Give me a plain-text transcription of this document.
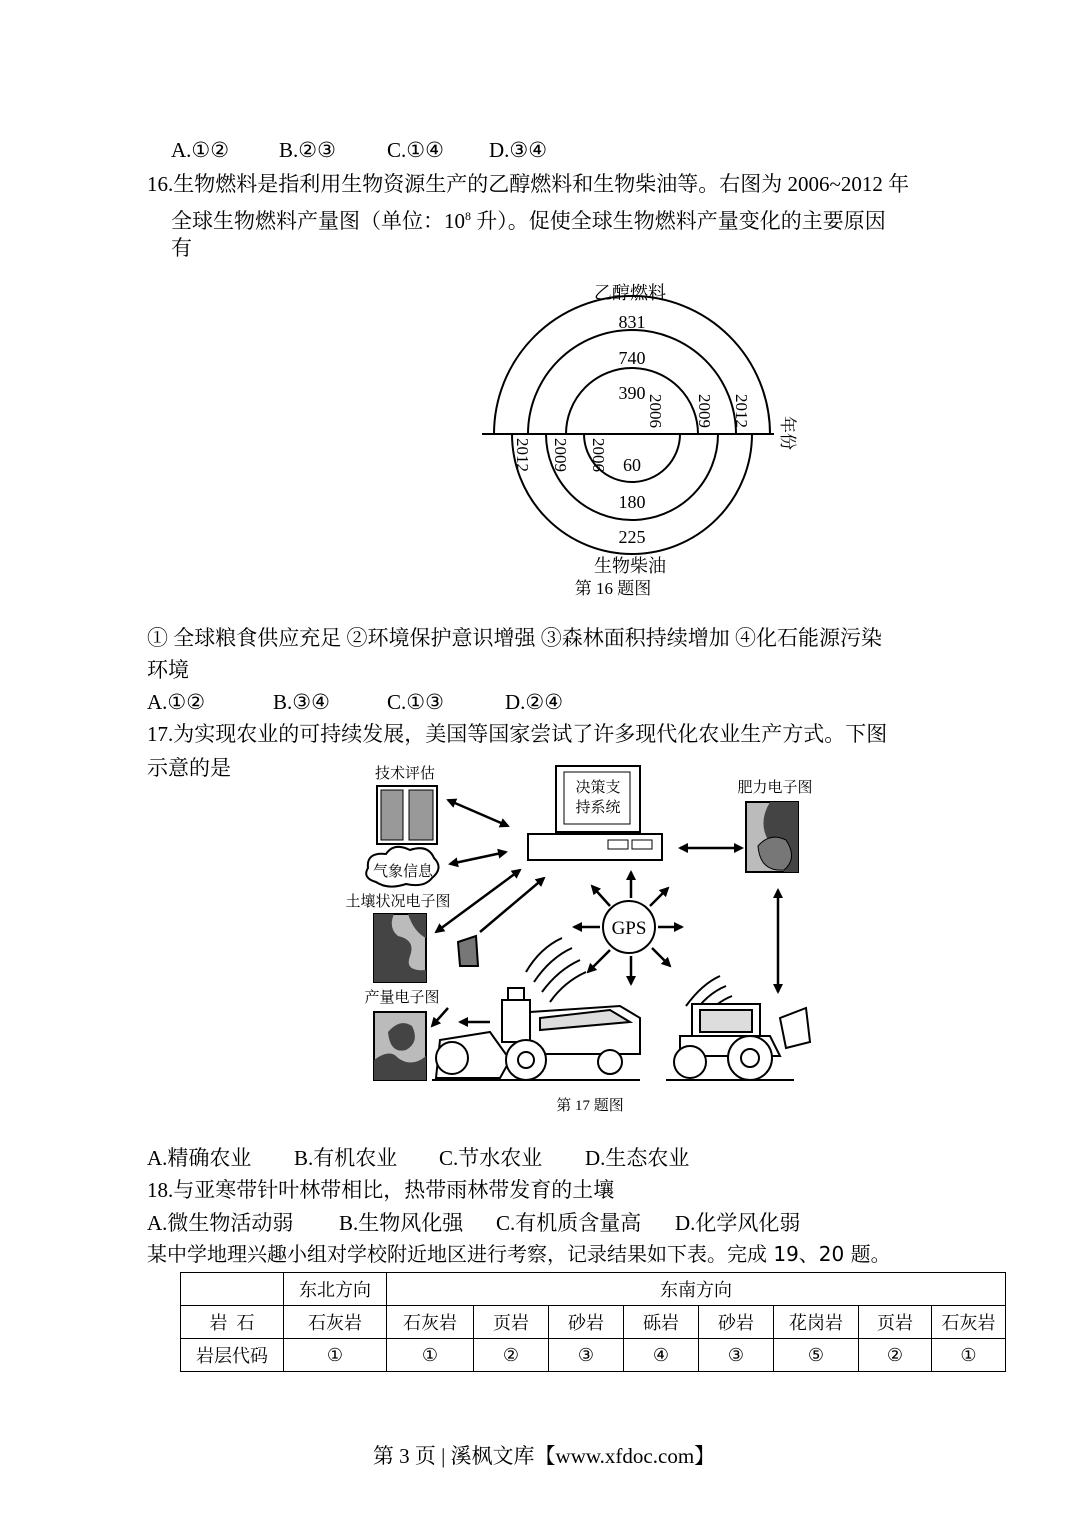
A.①② B.②③ C.①④ D.③④
16.生物燃料是指利用生物资源生产的乙醇燃料和生物柴油等。右图为 2006~2012 年
全球生物燃料产量图（单位：$10^8$ 升）。促使全球生物燃料产量变化的主要原因
有
乙醇燃料
831
740
390
60
180
225
生物柴油
2006 2009 2012
2006
2009
2012
年份
第 16 题图
① 全球粮食供应充足 ②环境保护意识增强 ③森林面积持续增加 ④化石能源污染
环境
A.①②	B.③④	C.①③	D.②④
17.为实现农业的可持续发展，美国等国家尝试了许多现代化农业生产方式。下图
示意的是	技术评估
决策支
持系统
肥力电子图
气象信息
土壤状况电子图
产量电子图
GPS
第 17 题图
A.精确农业 B.有机农业 C.节水农业 D.生态农业
18.与亚寒带针叶林带相比，热带雨林带发育的土壤
A.微生物活动弱 B.生物风化强 C.有机质含量高 D.化学风化弱
某中学地理兴趣小组对学校附近地区进行考察，记录结果如下表。完成 19、20 题。
	东北方向	东南方向							
岩  石	石灰岩	石灰岩	页岩	砂岩	砾岩	砂岩	花岗岩	页岩	石灰岩
岩层代码	①	①	②	③	④	③	⑤	②	①
第 3 页 | 溪枫文库【www.xfdoc.com】
